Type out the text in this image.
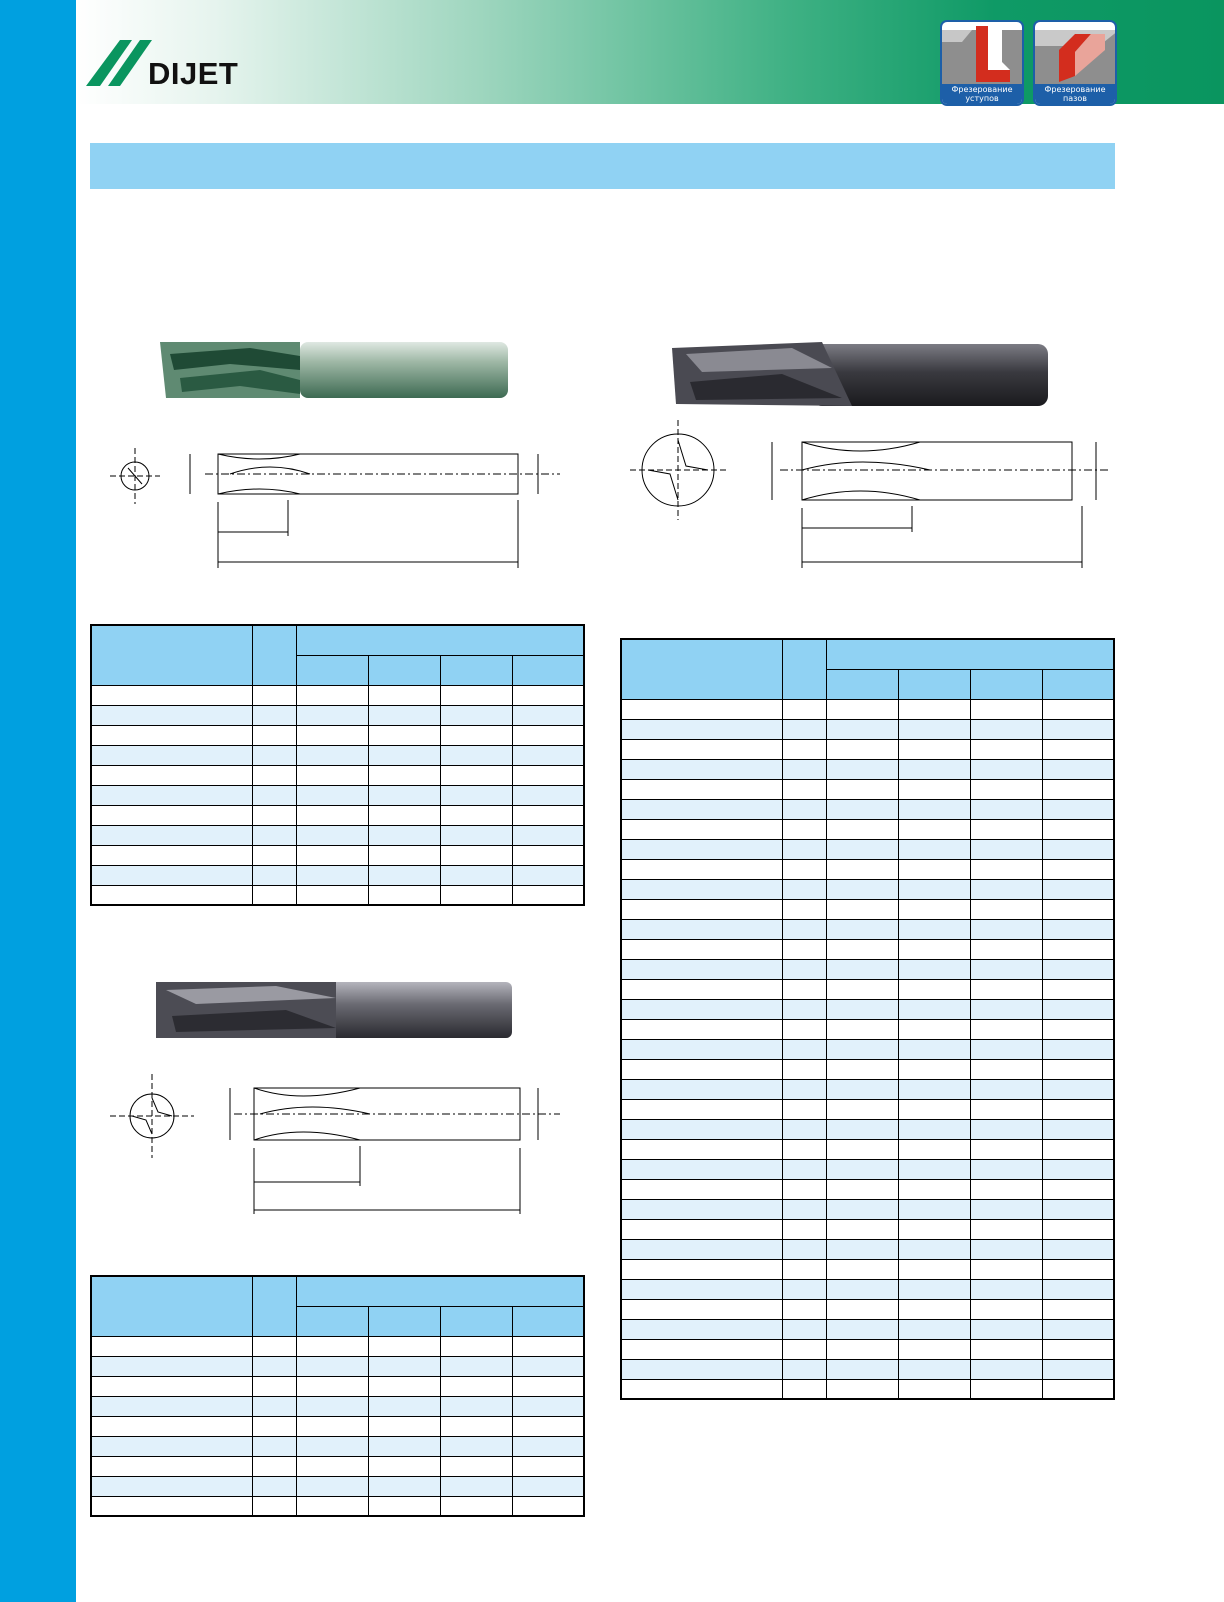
DIJET	Фрезерование
уступов
Фрезерование
пазов
